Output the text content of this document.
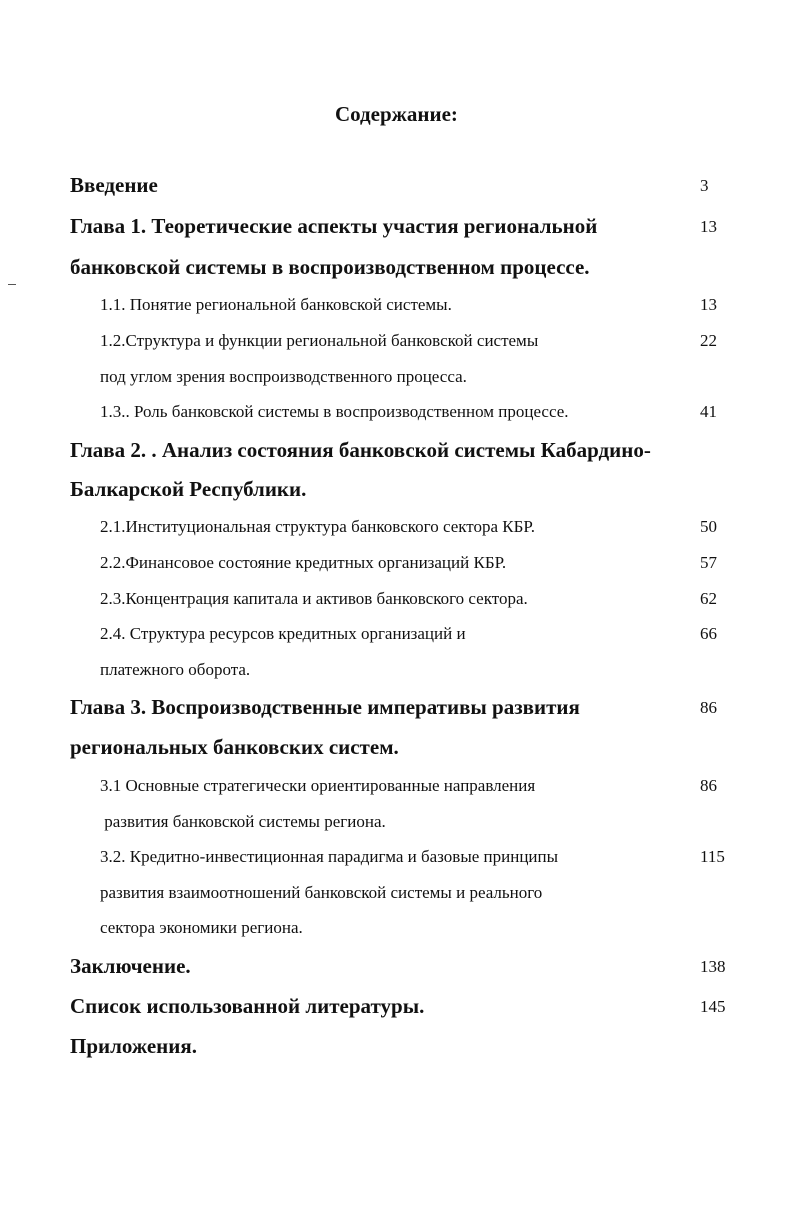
Содержание:
Введение	3
Глава 1. Теоретические аспекты участия региональной	13
банковской системы в воспроизводственном процессе.
1.1. Понятие региональной банковской системы.	13
1.2.Структура и функции региональной банковской системы	22
под углом зрения воспроизводственного процесса.
1.3.. Роль банковской системы в воспроизводственном процессе.	41
Глава 2. . Анализ состояния банковской системы Кабардино-
Балкарской Республики.
2.1.Институциональная структура банковского сектора КБР.	50
2.2.Финансовое состояние кредитных организаций КБР.	57
2.3.Концентрация капитала и активов банковского сектора.	62
2.4. Структура ресурсов кредитных организаций и	66
платежного оборота.
Глава 3. Воспроизводственные императивы развития	86
региональных банковских систем.
3.1 Основные стратегически ориентированные направления	86
развития банковской системы региона.
3.2. Кредитно-инвестиционная парадигма и базовые принципы	115
развития взаимоотношений банковской системы и реального
сектора экономики региона.
Заключение.	138
Список использованной литературы.	145
Приложения.
